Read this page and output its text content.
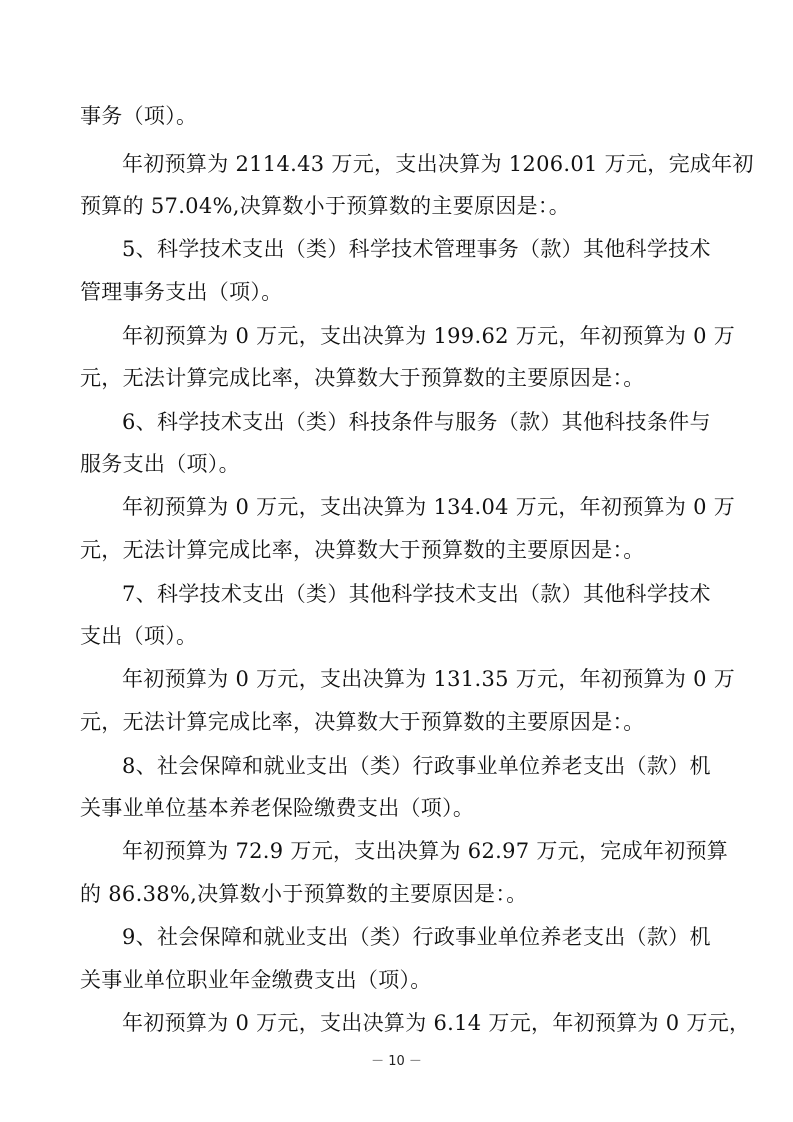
事务（项）。
年初预算为 2114.43 万元，支出决算为 1206.01 万元，完成年初
预算的 57.04%,决算数小于预算数的主要原因是：。
5、科学技术支出（类）科学技术管理事务（款）其他科学技术
管理事务支出（项）。
年初预算为 0 万元，支出决算为 199.62 万元，年初预算为 0 万
元，无法计算完成比率，决算数大于预算数的主要原因是：。
6、科学技术支出（类）科技条件与服务（款）其他科技条件与
服务支出（项）。
年初预算为 0 万元，支出决算为 134.04 万元，年初预算为 0 万
元，无法计算完成比率，决算数大于预算数的主要原因是：。
7、科学技术支出（类）其他科学技术支出（款）其他科学技术
支出（项）。
年初预算为 0 万元，支出决算为 131.35 万元，年初预算为 0 万
元，无法计算完成比率，决算数大于预算数的主要原因是：。
8、社会保障和就业支出（类）行政事业单位养老支出（款）机
关事业单位基本养老保险缴费支出（项）。
年初预算为 72.9 万元，支出决算为 62.97 万元，完成年初预算
的 86.38%,决算数小于预算数的主要原因是：。
9、社会保障和就业支出（类）行政事业单位养老支出（款）机
关事业单位职业年金缴费支出（项）。
年初预算为 0 万元，支出决算为 6.14 万元，年初预算为 0 万元，
－ 10 －
